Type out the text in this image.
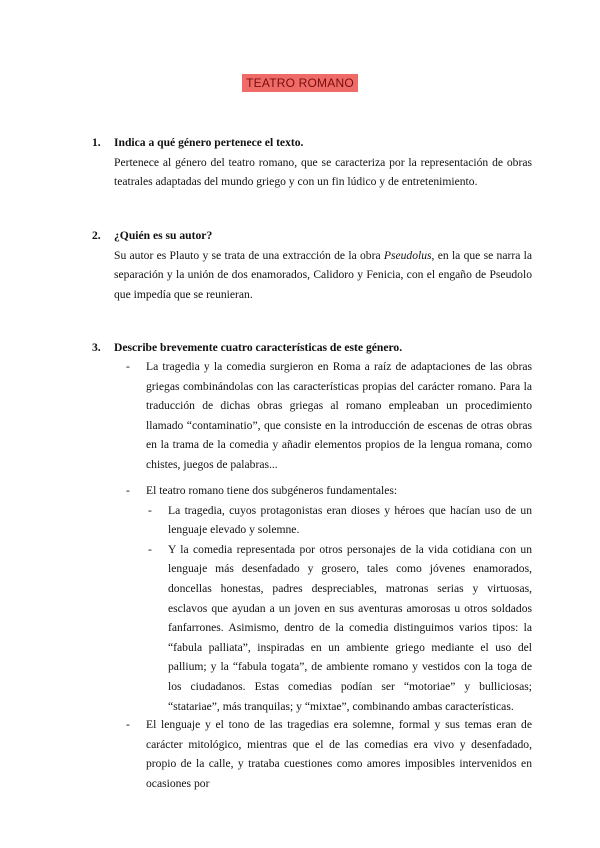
TEATRO ROMANO
1.	Indica a qué género pertenece el texto.

Pertenece al género del teatro romano, que se caracteriza por la representación de obras teatrales adaptadas del mundo griego y con un fin lúdico y de entretenimiento.

2.	¿Quién es su autor?

Su autor es Plauto y se trata de una extracción de la obra Pseudolus, en la que se narra la separación y la unión de dos enamorados, Calidoro y Fenicia, con el engaño de Pseudolo que impedía que se reunieran.

3.	Describe brevemente cuatro características de este género.
-	La tragedia y la comedia surgieron en Roma a raíz de adaptaciones de las obras griegas combinándolas con las características propias del carácter romano. Para la traducción de dichas obras griegas al romano empleaban un procedimiento llamado “contaminatio”, que consiste en la introducción de escenas de otras obras en la trama de la comedia y añadir elementos propios de la lengua romana, como chistes, juegos de palabras...
-	El teatro romano tiene dos subgéneros fundamentales:
-	La tragedia, cuyos protagonistas eran dioses y héroes que hacían uso de un lenguaje elevado y solemne.
-	Y la comedia representada por otros personajes de la vida cotidiana con un lenguaje más desenfadado y grosero, tales como jóvenes enamorados, doncellas honestas, padres despreciables, matronas serias y virtuosas, esclavos que ayudan a un joven en sus aventuras amorosas u otros soldados fanfarrones. Asimismo, dentro de la comedia distinguimos varios tipos: la “fabula palliata”, inspiradas en un ambiente griego mediante el uso del pallium; y la “fabula togata”, de ambiente romano y vestidos con la toga de los ciudadanos. Estas comedias podían ser “motoriae” y bulliciosas; “statariae”, más tranquilas; y “mixtae”, combinando ambas características.
-	El lenguaje y el tono de las tragedias era solemne, formal y sus temas eran de carácter mitológico, mientras que el de las comedias era vivo y desenfadado, propio de la calle, y trataba cuestiones como amores imposibles intervenidos en ocasiones por
